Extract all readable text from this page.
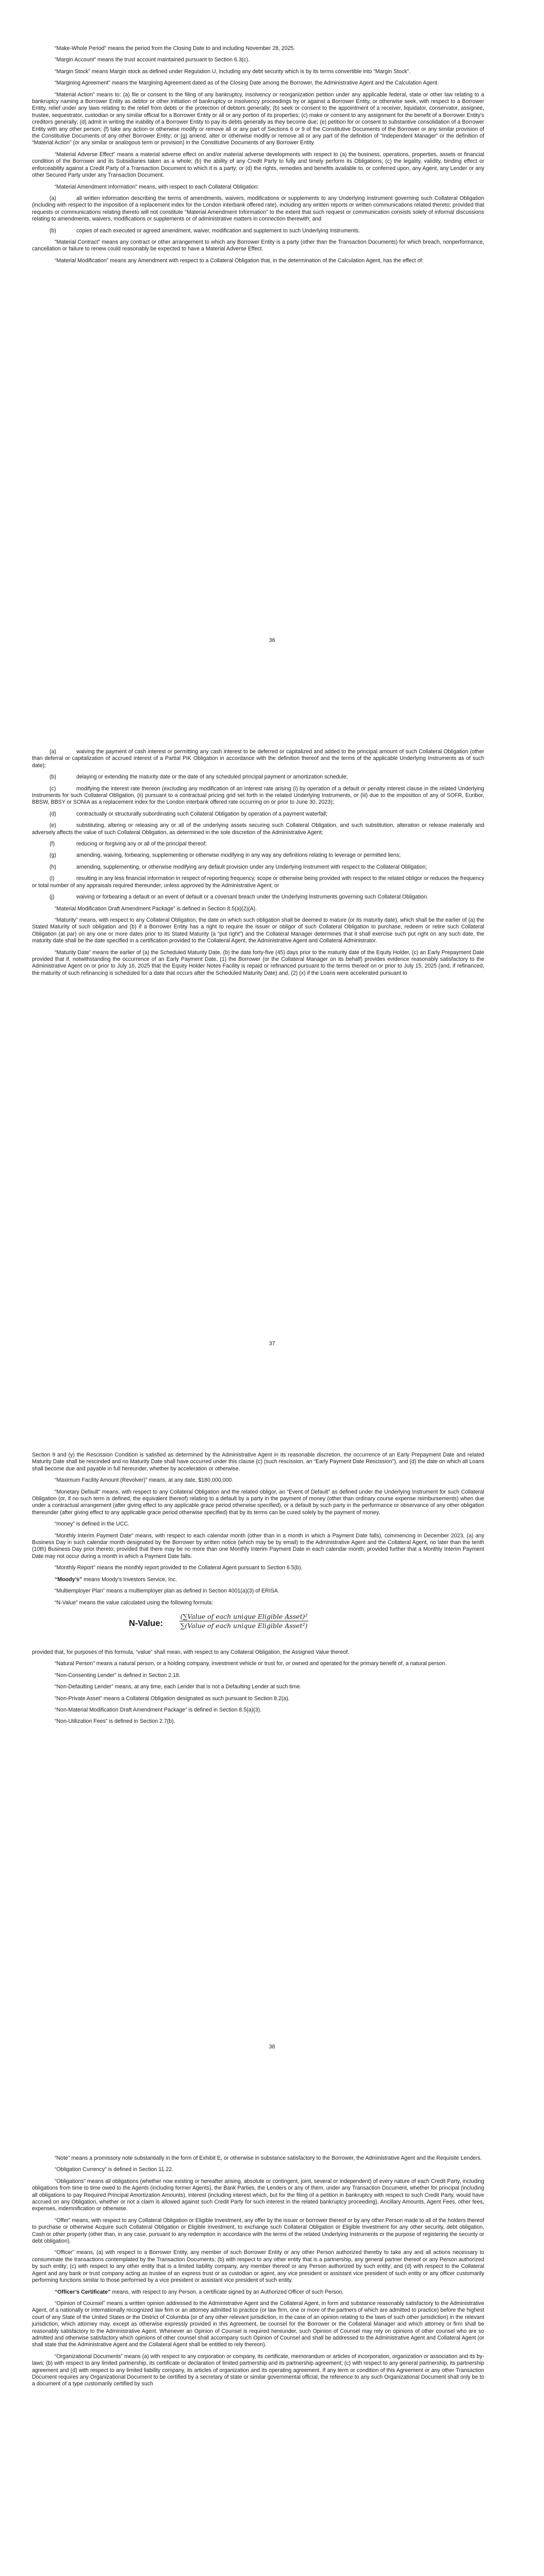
“Make-Whole Period” means the period from the Closing Date to and including November 28, 2025.

“Margin Account” means the trust account maintained pursuant to Section 6.3(c).

“Margin Stock” means Margin stock as defined under Regulation U, including any debt security which is by its terms convertible into “Margin Stock”.

“Margining Agreement” means the Margining Agreement dated as of the Closing Date among the Borrower, the Administrative Agent and the Calculation Agent.

“Material Action” means to: (a) file or consent to the filing of any bankruptcy, insolvency or reorganization petition under any applicable federal, state or other law relating to a bankruptcy naming a Borrower Entity as debtor or other initiation of bankruptcy or insolvency proceedings by or against a Borrower Entity, or otherwise seek, with respect to a Borrower Entity, relief under any laws relating to the relief from debts or the protection of debtors generally; (b) seek or consent to the appointment of a receiver, liquidator, conservator, assignee, trustee, sequestrator, custodian or any similar official for a Borrower Entity or all or any portion of its properties; (c) make or consent to any assignment for the benefit of a Borrower Entity’s creditors generally; (d) admit in writing the inability of a Borrower Entity to pay its debts generally as they become due; (e) petition for or consent to substantive consolidation of a Borrower Entity with any other person; (f) take any action or otherwise modify or remove all or any part of Sections 6 or 9 of the Constitutive Documents of the Borrower or any similar provision of the Constitutive Documents of any other Borrower Entity; or (g) amend, alter or otherwise modify or remove all or any part of the definition of “Independent Manager” or the definition of “Material Action” (or any similar or analogous term or provision) in the Constitutive Documents of any Borrower Entity.

“Material Adverse Effect” means a material adverse effect on and/or material adverse developments with respect to (a) the business, operations, properties, assets or financial condition of the Borrower and its Subsidiaries taken as a whole; (b) the ability of any Credit Party to fully and timely perform its Obligations; (c) the legality, validity, binding effect or enforceability against a Credit Party of a Transaction Document to which it is a party; or (d) the rights, remedies and benefits available to, or conferred upon, any Agent, any Lender or any other Secured Party under any Transaction Document.

“Material Amendment Information” means, with respect to each Collateral Obligation:

(a)	all written information describing the terms of amendments, waivers, modifications or supplements to any Underlying Instrument governing such Collateral Obligation (including with respect to the imposition of a replacement index for the London interbank offered rate), including any written reports or written communications related thereto; provided that requests or communications relating thereto will not constitute “Material Amendment Information” to the extent that such request or communication consists solely of informal discussions relating to amendments, waivers, modifications or supplements or of administrative matters in connection therewith; and

(b)	copies of each executed or agreed amendment, waiver, modification and supplement to such Underlying Instruments.

“Material Contract” means any contract or other arrangement to which any Borrower Entity is a party (other than the Transaction Documents) for which breach, nonperformance, cancellation or failure to renew could reasonably be expected to have a Material Adverse Effect.

“Material Modification” means any Amendment with respect to a Collateral Obligation that, in the determination of the Calculation Agent, has the effect of:

36

(a)	waiving the payment of cash interest or permitting any cash interest to be deferred or capitalized and added to the principal amount of such Collateral Obligation (other than deferral or capitalization of accrued interest of a Partial PIK Obligation in accordance with the definition thereof and the terms of the applicable Underlying Instruments as of such date);

(b)	delaying or extending the maturity date or the date of any scheduled principal payment or amortization schedule;

(c)	modifying the interest rate thereon (excluding any modification of an interest rate arising (i) by operation of a default or penalty interest clause in the related Underlying Instruments for such Collateral Obligation, (ii) pursuant to a contractual pricing grid set forth in the related Underlying Instruments, or (iii) due to the imposition of any of SOFR, Euribor, BBSW, BBSY or SONIA as a replacement index for the London interbank offered rate occurring on or prior to June 30, 2023);

(d)	contractually or structurally subordinating such Collateral Obligation by operation of a payment waterfall;

(e)	substituting, altering or releasing any or all of the underlying assets securing such Collateral Obligation, and such substitution, alteration or release materially and adversely affects the value of such Collateral Obligation, as determined in the sole discretion of the Administrative Agent;

(f)	reducing or forgiving any or all of the principal thereof;

(g)	amending, waiving, forbearing, supplementing or otherwise modifying in any way any definitions relating to leverage or permitted liens;

(h)	amending, supplementing, or otherwise modifying any default provision under any Underlying Instrument with respect to the Collateral Obligation;

(i)	resulting in any less financial information in respect of reporting frequency, scope or otherwise being provided with respect to the related obligor or reduces the frequency or total number of any appraisals required thereunder, unless approved by the Administrative Agent; or

(j)	waiving or forbearing a default or an event of default or a covenant breach under the Underlying Instruments governing such Collateral Obligation.

“Material Modification Draft Amendment Package” is defined in Section 8.5(a)(2)(A).

“Maturity” means, with respect to any Collateral Obligation, the date on which such obligation shall be deemed to mature (or its maturity date), which shall be the earlier of (a) the Stated Maturity of such obligation and (b) if a Borrower Entity has a right to require the issuer or obligor of such Collateral Obligation to purchase, redeem or retire such Collateral Obligation (at par) on any one or more dates prior to its Stated Maturity (a “put right”) and the Collateral Manager determines that it shall exercise such put right on any such date, the maturity date shall be the date specified in a certification provided to the Collateral Agent, the Administrative Agent and Collateral Administrator.

“Maturity Date” means the earlier of (a) the Scheduled Maturity Date, (b) the date forty-five (45) days prior to the maturity date of the Equity Holder, (c) an Early Prepayment Date provided that if, notwithstanding the occurrence of an Early Payment Date, (1) the Borrower (or the Collateral Manager on its behalf) provides evidence reasonably satisfactory to the Administrative Agent on or prior to July 16, 2025 that the Equity Holder Notes Facility is repaid or refinanced pursuant to the terms thereof on or prior to July 15, 2025 (and, if refinanced, the maturity of such refinancing is scheduled for a date that occurs after the Scheduled Maturity Date) and, (2) (x) if the Loans were accelerated pursuant to

37

Section 9 and (y) the Rescission Condition is satisfied as determined by the Administrative Agent in its reasonable discretion, the occurrence of an Early Prepayment Date and related Maturity Date shall be rescinded and no Maturity Date shall have occurred under this clause (c) (such rescission, an “Early Payment Date Rescission”), and (d) the date on which all Loans shall become due and payable in full hereunder, whether by acceleration or otherwise.

“Maximum Facility Amount (Revolver)” means, at any date, $180,000,000.

“Monetary Default” means, with respect to any Collateral Obligation and the related obligor, an “Event of Default” as defined under the Underlying Instrument for such Collateral Obligation (or, if no such term is defined, the equivalent thereof) relating to a default by a party in the payment of money (other than ordinary course expense reimbursements) when due under a contractual arrangement (after giving effect to any applicable grace period otherwise specified), or a default by such party in the performance or observance of any other obligation thereunder (after giving effect to any applicable grace period otherwise specified) that by its terms can be cured solely by the payment of money.

“money” is defined in the UCC.

“Monthly Interim Payment Date” means, with respect to each calendar month (other than in a month in which a Payment Date falls), commencing in December 2023, (a) any Business Day in such calendar month designated by the Borrower by written notice (which may be by email) to the Administrative Agent and the Collateral Agent, no later than the tenth (10th) Business Day prior thereto; provided that there may be no more than one Monthly Interim Payment Date in each calendar month; provided further that a Monthly Interim Payment Date may not occur during a month in which a Payment Date falls.

“Monthly Report” means the monthly report provided to the Collateral Agent pursuant to Section 6.5(b).

“Moody’s” means Moody’s Investors Service, Inc.

“Multiemployer Plan” means a multiemployer plan as defined in Section 4001(a)(3) of ERISA.

“N-Value” means the value calculated using the following formula:

N-Value:
(∑Value of each unique Eligible Asset)²
∑(Value of each unique Eligible Asset²)

provided that, for purposes of this formula, “value” shall mean, with respect to any Collateral Obligation, the Assigned Value thereof.

“Natural Person” means a natural person, or a holding company, investment vehicle or trust for, or owned and operated for the primary benefit of, a natural person.

“Non-Consenting Lender” is defined in Section 2.18.

“Non-Defaulting Lender” means, at any time, each Lender that is not a Defaulting Lender at such time.

“Non-Private Asset” means a Collateral Obligation designated as such pursuant to Section 8.2(a).

“Non-Material Modification Draft Amendment Package” is defined in Section 8.5(a)(3).

“Non-Utilization Fees” is defined in Section 2.7(b).

38

“Note” means a promissory note substantially in the form of Exhibit E, or otherwise in substance satisfactory to the Borrower, the Administrative Agent and the Requisite Lenders.

“Obligation Currency” is defined in Section 11.22.

“Obligations” means all obligations (whether now existing or hereafter arising, absolute or contingent, joint, several or independent) of every nature of each Credit Party, including obligations from time to time owed to the Agents (including former Agents), the Bank Parties, the Lenders or any of them, under any Transaction Document, whether for principal (including all obligations to pay Required Principal Amortization Amounts), interest (including interest which, but for the filing of a petition in bankruptcy with respect to such Credit Party, would have accrued on any Obligation, whether or not a claim is allowed against such Credit Party for such interest in the related bankruptcy proceeding), Ancillary Amounts, Agent Fees, other fees, expenses, indemnification or otherwise.

“Offer” means, with respect to any Collateral Obligation or Eligible Investment, any offer by the issuer or borrower thereof or by any other Person made to all of the holders thereof to purchase or otherwise Acquire such Collateral Obligation or Eligible Investment, to exchange such Collateral Obligation or Eligible Investment for any other security, debt obligation, Cash or other property (other than, in any case, pursuant to any redemption in accordance with the terms of the related Underlying Instruments or the purpose of registering the security or debt obligation).

“Officer” means, (a) with respect to a Borrower Entity, any member of such Borrower Entity or any other Person authorized thereby to take any and all actions necessary to consummate the transactions contemplated by the Transaction Documents; (b) with respect to any other entity that is a partnership, any general partner thereof or any Person authorized by such entity; (c) with respect to any other entity that is a limited liability company, any member thereof or any Person authorized by such entity; and (d) with respect to the Collateral Agent and any bank or trust company acting as trustee of an express trust or as custodian or agent, any vice president or assistant vice president of such entity or any officer customarily performing functions similar to those performed by a vice president or assistant vice president of such entity.

“Officer’s Certificate” means, with respect to any Person, a certificate signed by an Authorized Officer of such Person.

“Opinion of Counsel” means a written opinion addressed to the Administrative Agent and the Collateral Agent, in form and substance reasonably satisfactory to the Administrative Agent, of a nationally or internationally recognized law firm or an attorney admitted to practice (or law firm, one or more of the partners of which are admitted to practice) before the highest court of any State of the United States or the District of Columbia (or of any other relevant jurisdiction, in the case of an opinion relating to the laws of such other jurisdiction) in the relevant jurisdiction, which attorney may, except as otherwise expressly provided in this Agreement, be counsel for the Borrower or the Collateral Manager and which attorney or firm shall be reasonably satisfactory to the Administrative Agent. Whenever an Opinion of Counsel is required hereunder, such Opinion of Counsel may rely on opinions of other counsel who are so admitted and otherwise satisfactory which opinions of other counsel shall accompany such Opinion of Counsel and shall be addressed to the Administrative Agent and Collateral Agent (or shall state that the Administrative Agent and the Collateral Agent shall be entitled to rely thereon).

“Organizational Documents” means (a) with respect to any corporation or company, its certificate, memorandum or articles of incorporation, organization or association and its by-laws; (b) with respect to any limited partnership, its certificate or declaration of limited partnership and its partnership agreement; (c) with respect to any general partnership, its partnership agreement and (d) with respect to any limited liability company, its articles of organization and its operating agreement. If any term or condition of this Agreement or any other Transaction Document requires any Organizational Document to be certified by a secretary of state or similar governmental official, the reference to any such Organizational Document shall only be to a document of a type customarily certified by such
